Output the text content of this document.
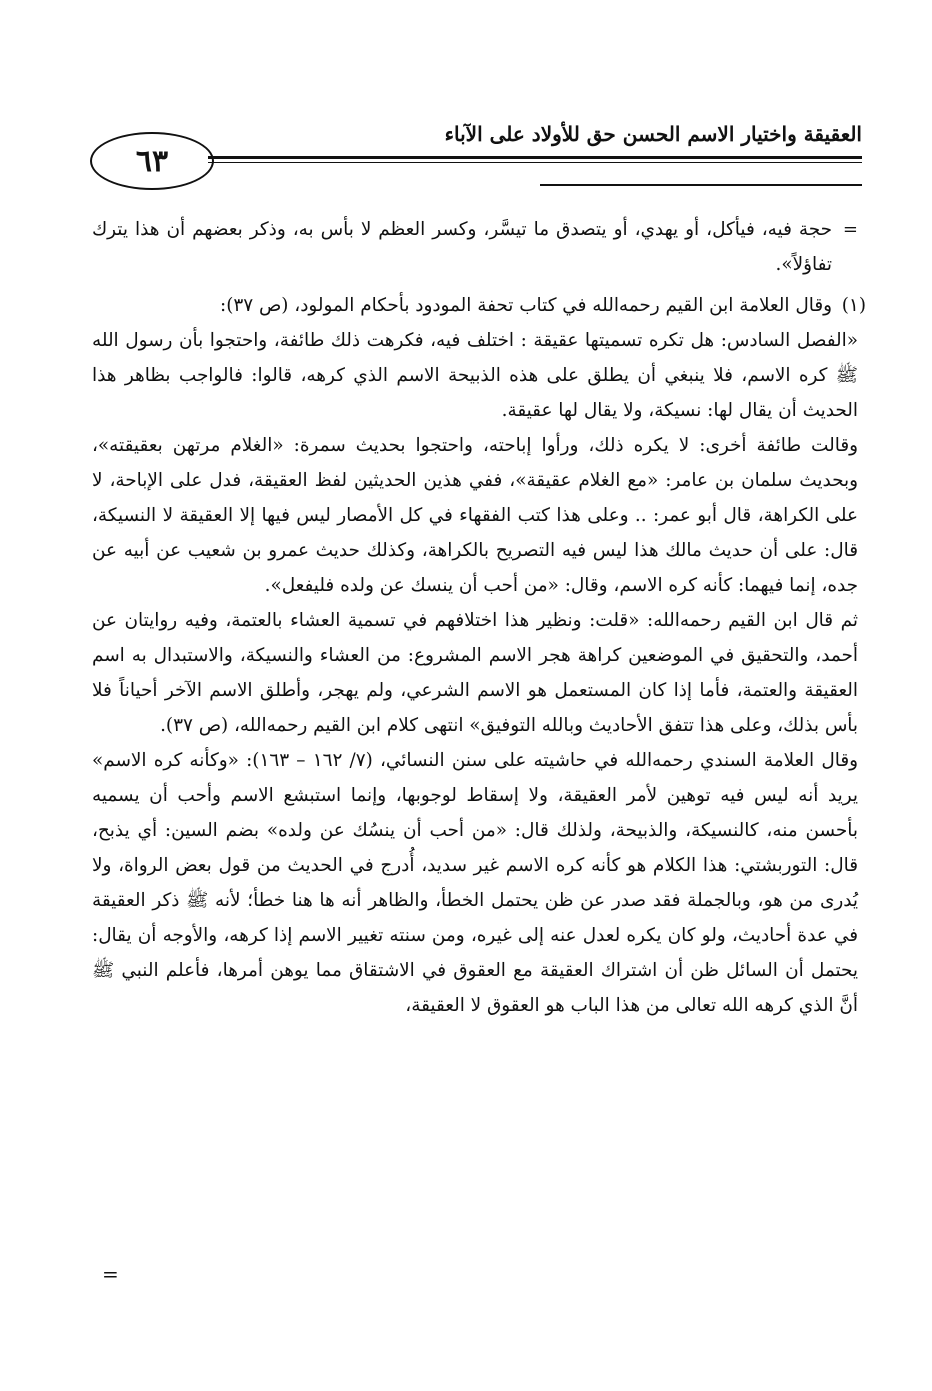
٦٣
العقيقة واختيار الاسم الحسن حق للأولاد على الآباء

=
حجة فيه، فيأكل، أو يهدي، أو يتصدق ما تيسَّر، وكسر العظم لا بأس به، وذكر بعضهم أن هذا يترك تفاؤلاً».

(١)
وقال العلامة ابن القيم رحمه‌الله في كتاب تحفة المودود بأحكام المولود، (ص ٣٧):

«الفصل السادس: هل تكره تسميتها عقيقة : اختلف فيه، فكرهت ذلك طائفة، واحتجوا بأن رسول الله ﷺ كره الاسم، فلا ينبغي أن يطلق على هذه الذبيحة الاسم الذي كرهه، قالوا: فالواجب بظاهر هذا الحديث أن يقال لها: نسيكة، ولا يقال لها عقيقة.

وقالت طائفة أخرى: لا يكره ذلك، ورأوا إباحته، واحتجوا بحديث سمرة: «الغلام مرتهن بعقيقته»، وبحديث سلمان بن عامر: «مع الغلام عقيقة»، ففي هذين الحديثين لفظ العقيقة، فدل على الإباحة، لا على الكراهة، قال أبو عمر: .. وعلى هذا كتب الفقهاء في كل الأمصار ليس فيها إلا العقيقة لا النسيكة، قال: على أن حديث مالك هذا ليس فيه التصريح بالكراهة، وكذلك حديث عمرو بن شعيب عن أبيه عن جده، إنما فيهما: كأنه كره الاسم، وقال: «من أحب أن ينسك عن ولده فليفعل».

ثم قال ابن القيم رحمه‌الله: «قلت: ونظير هذا اختلافهم في تسمية العشاء بالعتمة، وفيه روايتان عن أحمد، والتحقيق في الموضعين كراهة هجر الاسم المشروع: من العشاء والنسيكة، والاستبدال به اسم العقيقة والعتمة، فأما إذا كان المستعمل هو الاسم الشرعي، ولم يهجر، وأطلق الاسم الآخر أحياناً فلا بأس بذلك، وعلى هذا تتفق الأحاديث وبالله التوفيق» انتهى كلام ابن القيم رحمه‌الله، (ص ٣٧).

وقال العلامة السندي رحمه‌الله في حاشيته على سنن النسائي، (٧/ ١٦٢ – ١٦٣): «وكأنه كره الاسم» يريد أنه ليس فيه توهين لأمر العقيقة، ولا إسقاط لوجوبها، وإنما استبشع الاسم وأحب أن يسميه بأحسن منه، كالنسيكة، والذبيحة، ولذلك قال: «من أحب أن ينسُك عن ولده» بضم السين: أي يذبح، قال: التوربشتي: هذا الكلام هو كأنه كره الاسم غير سديد، أُدرج في الحديث من قول بعض الرواة، ولا يُدرى من هو، وبالجملة فقد صدر عن ظن يحتمل الخطأ، والظاهر أنه ها هنا خطأ؛ لأنه ﷺ ذكر العقيقة في عدة أحاديث، ولو كان يكره لعدل عنه إلى غيره، ومن سنته تغيير الاسم إذا كرهه، والأوجه أن يقال: يحتمل أن السائل ظن أن اشتراك العقيقة مع العقوق في الاشتقاق مما يوهن أمرها، فأعلم النبي ﷺ أنَّ الذي كرهه الله تعالى من هذا الباب هو العقوق لا العقيقة،

=
